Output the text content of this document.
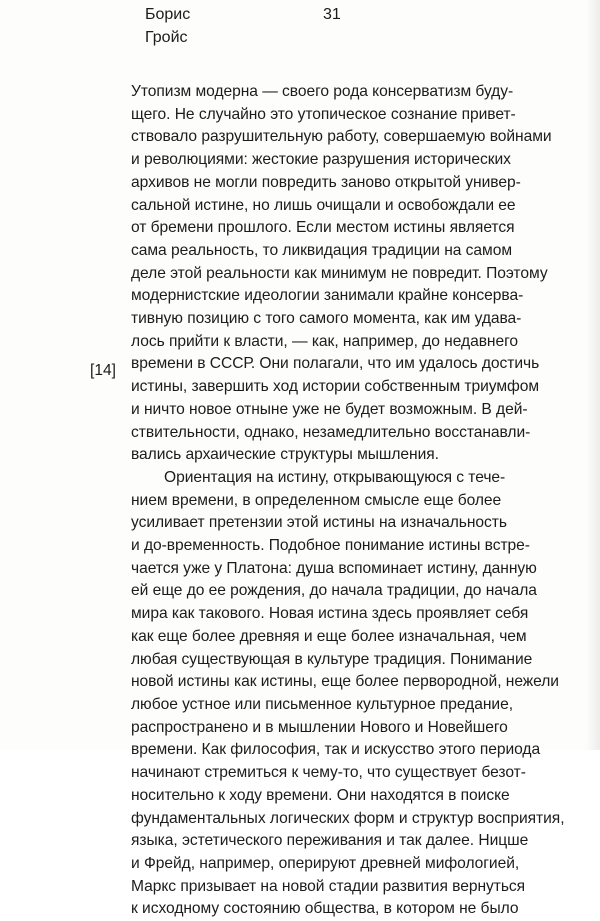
Борис
Гройс
31
[14]
Утопизм модерна — своего рода консерватизм буду-
щего. Не случайно это утопическое сознание привет-
ствовало разрушительную работу, совершаемую войнами
и революциями: жестокие разрушения исторических
архивов не могли повредить заново открытой универ-
сальной истине, но лишь очищали и освобождали ее
от бремени прошлого. Если местом истины является
сама реальность, то ликвидация традиции на самом
деле этой реальности как минимум не повредит. Поэтому
модернистские идеологии занимали крайне консерва-
тивную позицию с того самого момента, как им удава-
лось прийти к власти, — как, например, до недавнего
времени в СССР. Они полагали, что им удалось достичь
истины, завершить ход истории собственным триумфом
и ничто новое отныне уже не будет возможным. В дей-
ствительности, однако, незамедлительно восстанавли-
вались архаические структуры мышления.
Ориентация на истину, открывающуюся с тече-
нием времени, в определенном смысле еще более
усиливает претензии этой истины на изначальность
и до-временность. Подобное понимание истины встре-
чается уже у Платона: душа вспоминает истину, данную
ей еще до ее рождения, до начала традиции, до начала
мира как такового. Новая истина здесь проявляет себя
как еще более древняя и еще более изначальная, чем
любая существующая в культуре традиция. Понимание
новой истины как истины, еще более первородной, нежели
любое устное или письменное культурное предание,
распространено и в мышлении Нового и Новейшего
времени. Как философия, так и искусство этого периода
начинают стремиться к чему-то, что существует безот-
носительно к ходу времени. Они находятся в поиске
фундаментальных логических форм и структур восприятия,
языка, эстетического переживания и так далее. Ницше
и Фрейд, например, оперируют древней мифологией,
Маркс призывает на новой стадии развития вернуться
к исходному состоянию общества, в котором не было
